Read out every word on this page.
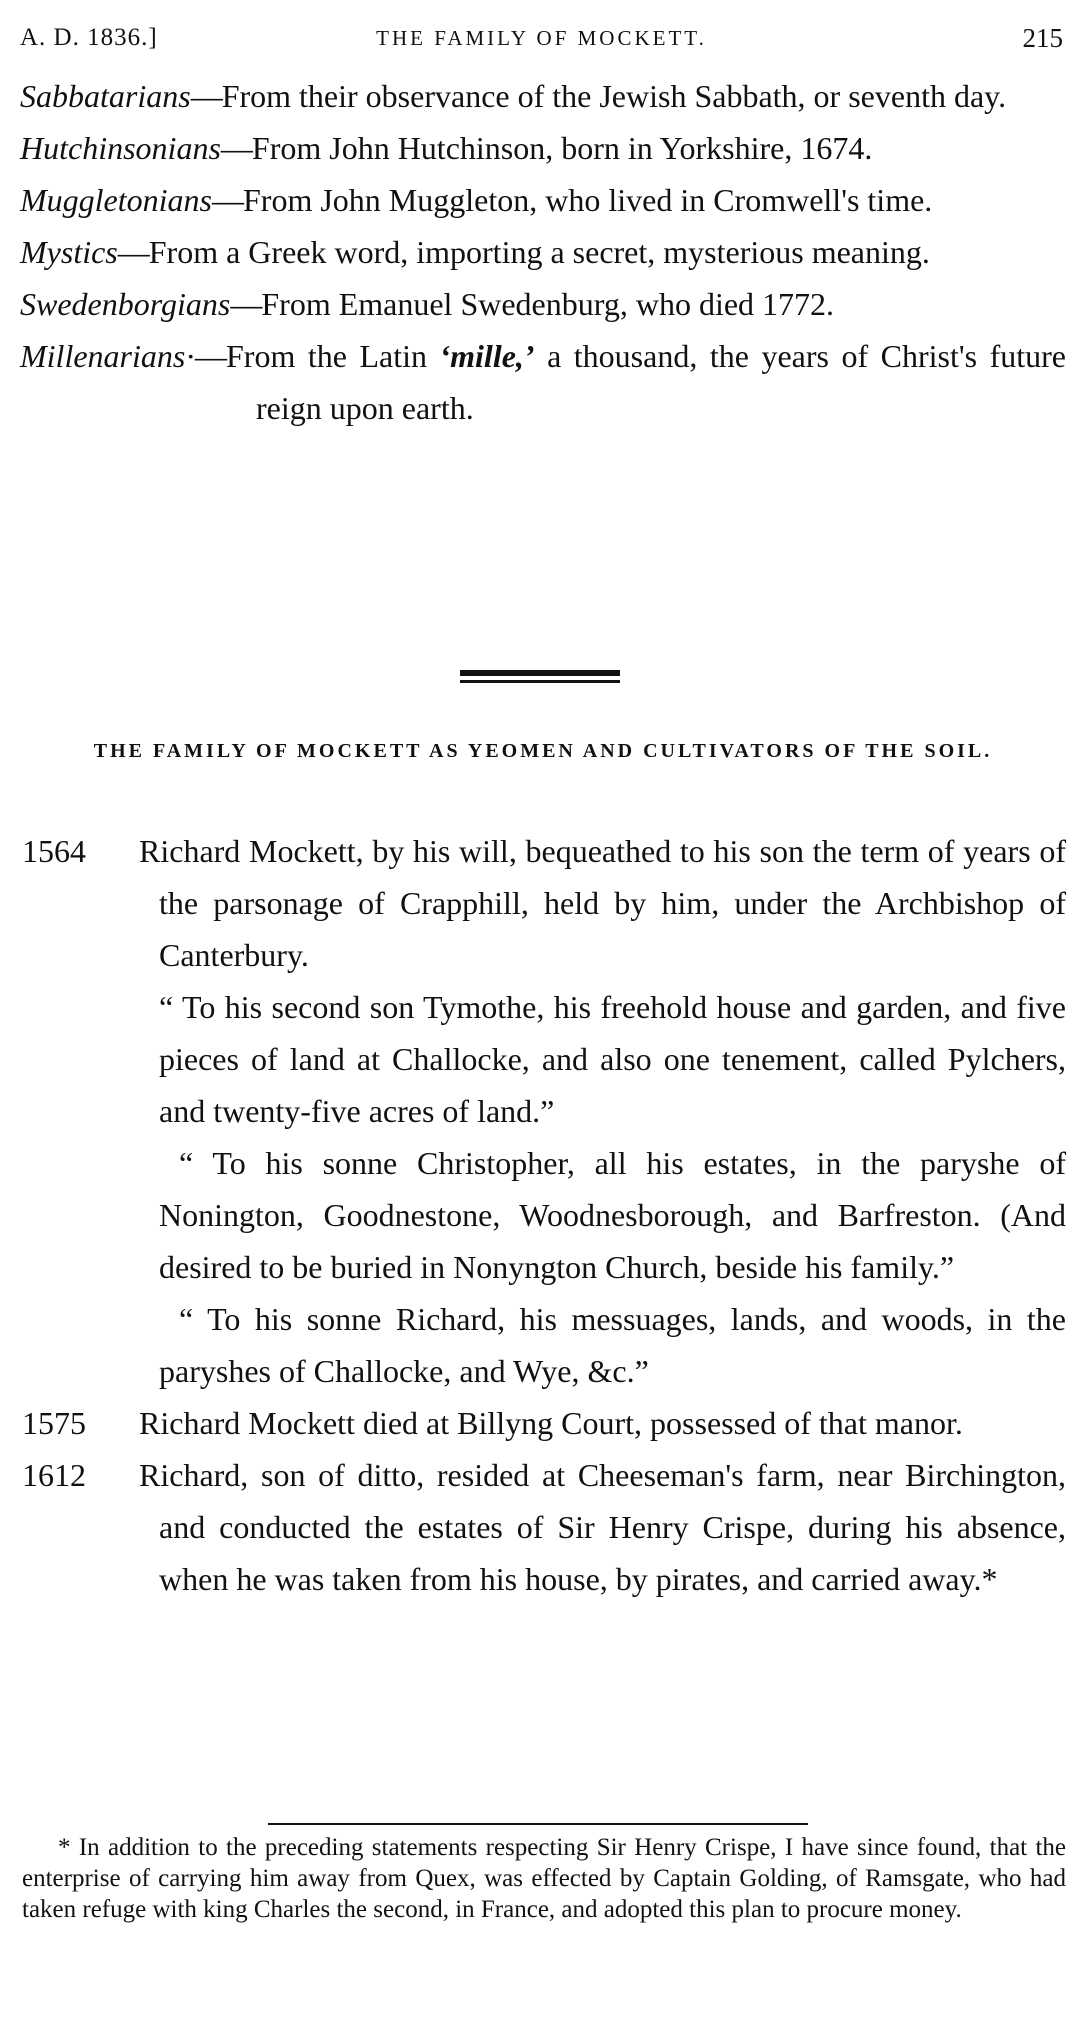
A. D. 1836.]	THE FAMILY OF MOCKETT.	215

Sabbatarians—From their observance of the Jewish Sabbath, or seventh day.

Hutchinsonians—From John Hutchinson, born in Yorkshire, 1674.

Muggletonians—From John Muggleton, who lived in Cromwell's time.

Mystics—From a Greek word, importing a secret, mysterious meaning.

Swedenborgians—From Emanuel Swedenburg, who died 1772.

Millenarians·—From the Latin ‘mille,’ a thousand, the years of Christ's future reign upon earth.

THE FAMILY OF MOCKETT AS YEOMEN AND CULTIVATORS OF THE SOIL.

1564 Richard Mockett, by his will, bequeathed to his son the term of years of the parsonage of Crapphill, held by him, under the Archbishop of Canterbury.

“ To his second son Tymothe, his freehold house and garden, and five pieces of land at Challocke, and also one tenement, called Pylchers, and twenty-five acres of land.”

“ To his sonne Christopher, all his estates, in the paryshe of Nonington, Goodnestone, Woodnesborough, and Barfreston. (And desired to be buried in Nonyngton Church, beside his family.”

“ To his sonne Richard, his messuages, lands, and woods, in the paryshes of Challocke, and Wye, &c.”

1575 Richard Mockett died at Billyng Court, possessed of that manor.
1612 Richard, son of ditto, resided at Cheeseman's farm, near Birchington, and conducted the estates of Sir Henry Crispe, during his absence, when he was taken from his house, by pirates, and carried away.*

* In addition to the preceding statements respecting Sir Henry Crispe, I have since found, that the enterprise of carrying him away from Quex, was effected by Captain Golding, of Ramsgate, who had taken refuge with king Charles the second, in France, and adopted this plan to procure money.
